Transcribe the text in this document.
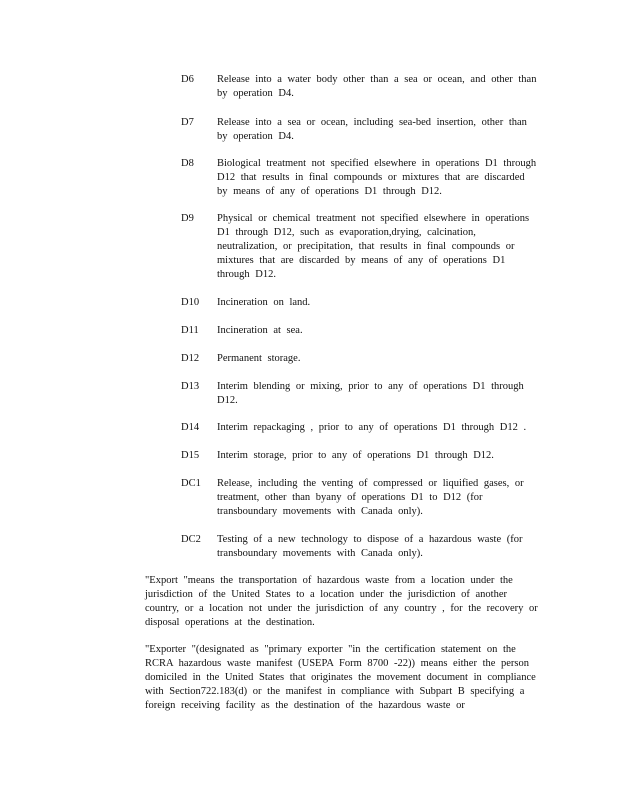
D6	Release into a water body other than a sea or ocean, and other than by operation D4.
D7	Release into a sea or ocean, including sea-bed insertion, other than by operation D4.
D8	Biological treatment not specified elsewhere in operations D1 through D12 that results in final compounds or mixtures that are discarded by means of any of operations D1 through D12.
D9	Physical or chemical treatment not specified elsewhere in operations D1 through D12, such as evaporation,drying, calcination, neutralization, or precipitation, that results in final compounds or mixtures that are discarded by means of any of operations D1 through D12.
D10	Incineration on land.
D11	Incineration at sea.
D12	Permanent storage.
D13	Interim blending or mixing, prior to any of operations D1 through D12.
D14	Interim repackaging , prior to any of operations D1 through D12 .
D15	Interim storage, prior to any of operations D1 through D12.
DC1	Release, including the venting of compressed or liquified gases, or treatment, other than byany of operations D1 to D12 (for transboundary movements with Canada only).
DC2	Testing of a new technology to dispose of a hazardous waste (for transboundary movements with Canada only).
"Export "means the transportation of hazardous waste from a location under the jurisdiction of the United States to a location under the jurisdiction of another country, or a location not under the jurisdiction of any country , for the recovery or disposal operations at the destination.
"Exporter "(designated as "primary exporter "in the certification statement on the RCRA hazardous waste manifest (USEPA Form 8700 -22)) means either the person domiciled in the United States that originates the movement document in compliance with Section722.183(d) or the manifest in compliance with Subpart B specifying a foreign receiving facility as the destination of the hazardous waste or
